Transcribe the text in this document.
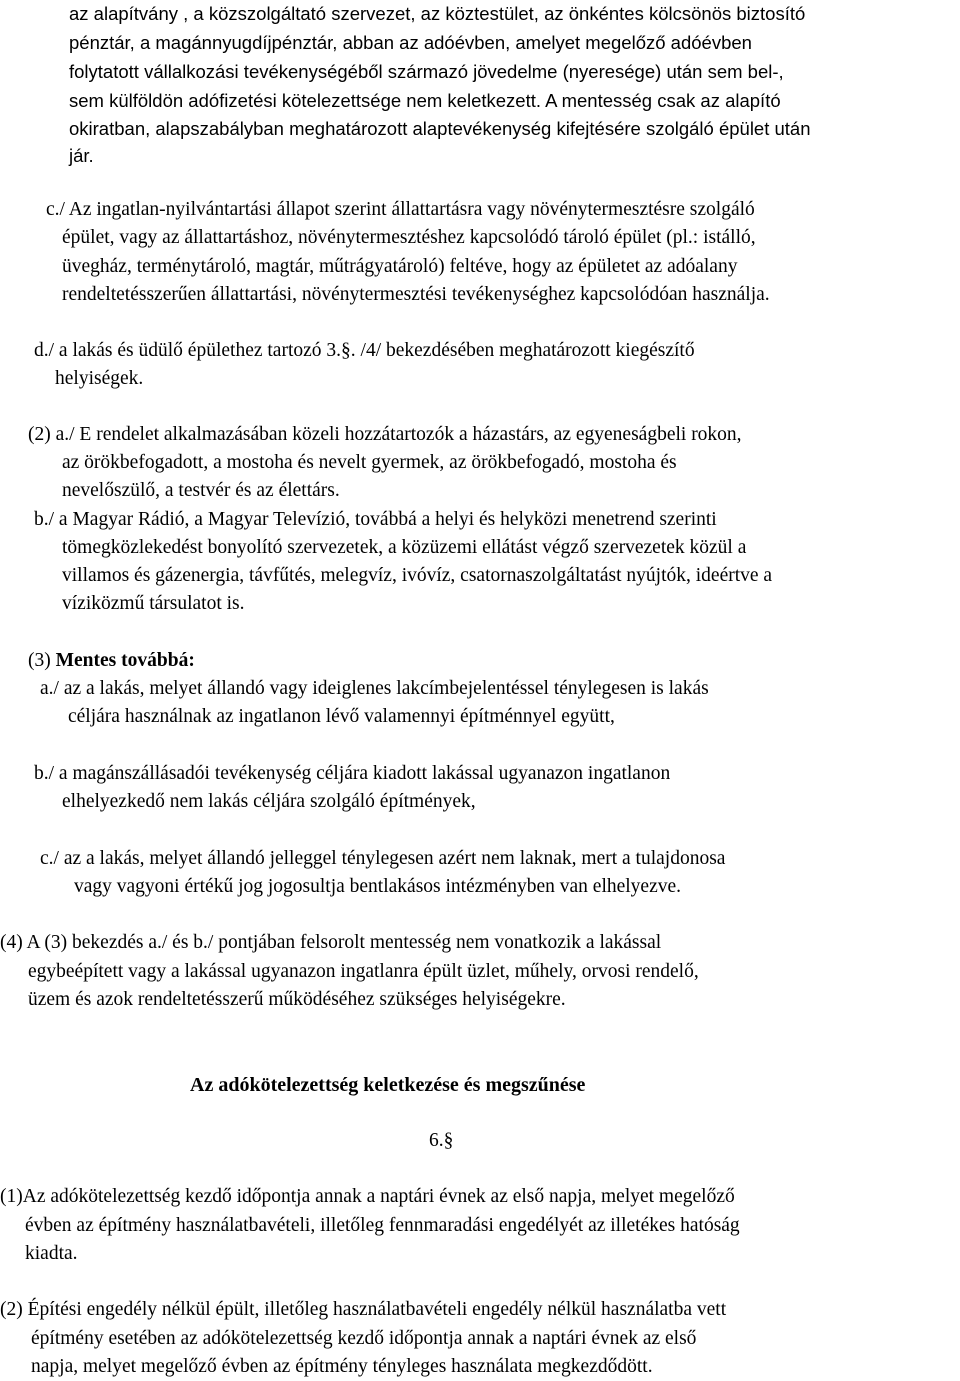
az alapítvány , a közszolgáltató szervezet, az köztestület, az önkéntes kölcsönös biztosító
pénztár, a magánnyugdíjpénztár, abban az adóévben, amelyet megelőző adóévben
folytatott vállalkozási tevékenységéből származó jövedelme (nyeresége) után sem bel-,
sem külföldön adófizetési kötelezettsége nem keletkezett. A mentesség csak az alapító
okiratban, alapszabályban meghatározott alaptevékenység kifejtésére szolgáló épület után
jár.
c./ Az ingatlan-nyilvántartási állapot szerint állattartásra vagy növénytermesztésre szolgáló
épület, vagy az állattartáshoz, növénytermesztéshez kapcsolódó tároló épület (pl.: istálló,
üvegház, terménytároló, magtár, műtrágyatároló) feltéve, hogy az épületet az adóalany
rendeltetésszerűen állattartási, növénytermesztési tevékenységhez kapcsolódóan használja.
d./ a lakás és üdülő épülethez tartozó 3.§. /4/ bekezdésében meghatározott kiegészítő
helyiségek.
(2) a./ E rendelet alkalmazásában közeli hozzátartozók a házastárs, az egyeneságbeli rokon,
az örökbefogadott, a mostoha és nevelt gyermek, az örökbefogadó, mostoha és
nevelőszülő, a testvér és az élettárs.
b./ a Magyar Rádió, a Magyar Televízió, továbbá a helyi és helyközi menetrend szerinti
tömegközlekedést bonyolító szervezetek, a közüzemi ellátást végző szervezetek közül a
villamos és gázenergia, távfűtés, melegvíz, ivóvíz, csatornaszolgáltatást nyújtók, ideértve a
víziközmű társulatot is.
(3) Mentes továbbá:
a./ az a lakás, melyet állandó vagy ideiglenes lakcímbejelentéssel ténylegesen is lakás
céljára használnak az ingatlanon lévő valamennyi építménnyel együtt,
b./ a magánszállásadói tevékenység céljára kiadott lakással ugyanazon ingatlanon
elhelyezkedő nem lakás céljára szolgáló építmények,
c./ az a lakás, melyet állandó jelleggel ténylegesen azért nem laknak, mert a tulajdonosa
vagy vagyoni értékű jog jogosultja bentlakásos intézményben van elhelyezve.
(4) A (3) bekezdés a./ és b./ pontjában felsorolt mentesség nem vonatkozik a lakással
egybeépített vagy a lakással ugyanazon ingatlanra épült üzlet, műhely, orvosi rendelő,
üzem és azok rendeltetésszerű működéséhez szükséges helyiségekre.
Az adókötelezettség keletkezése és megszűnése
6.§
(1)Az adókötelezettség kezdő időpontja annak a naptári évnek az első napja, melyet megelőző
évben az építmény használatbavételi, illetőleg fennmaradási engedélyét az illetékes hatóság
kiadta.
(2) Építési engedély nélkül épült, illetőleg használatbavételi engedély nélkül használatba vett
építmény esetében az adókötelezettség kezdő időpontja annak a naptári évnek az első
napja, melyet megelőző évben az építmény tényleges használata megkezdődött.
